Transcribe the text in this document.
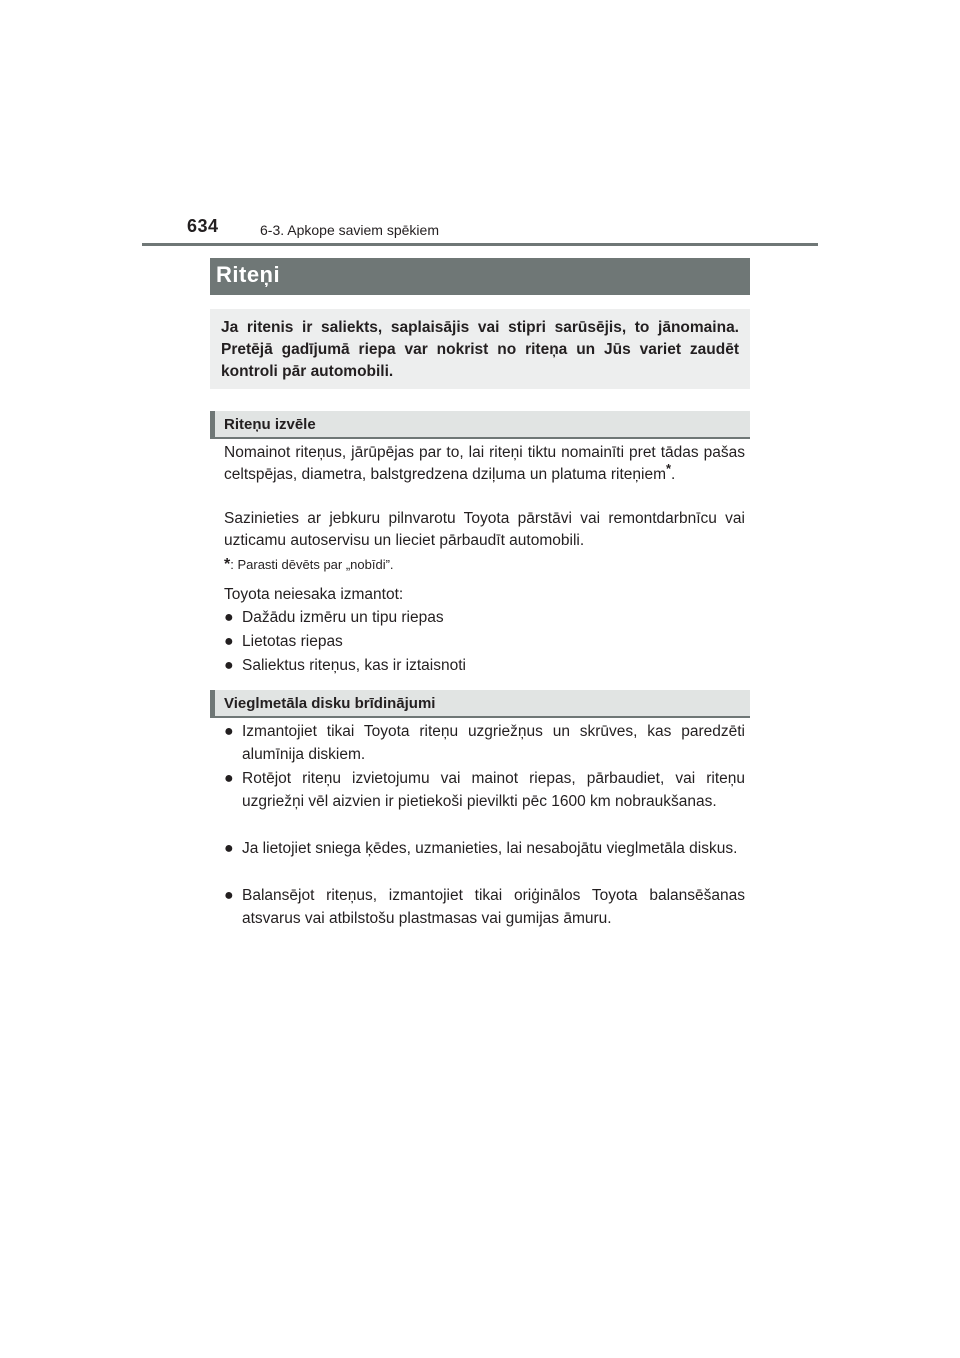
634	6-3. Apkope saviem spēkiem
Riteņi
Ja ritenis ir saliekts, saplaisājis vai stipri sarūsējis, to jānomaina. Pretējā gadījumā riepa var nokrist no riteņa un Jūs variet zaudēt kontroli pār automobili.
Riteņu izvēle

Nomainot riteņus, jārūpējas par to, lai riteņi tiktu nomainīti pret tādas pašas celtspējas, diametra, balstgredzena dziļuma un platuma riteņiem*.

Sazinieties ar jebkuru pilnvarotu Toyota pārstāvi vai remontdarbnīcu vai uzticamu autoservisu un lieciet pārbaudīt automobili.

*: Parasti dēvēts par „nobīdi”.

Toyota neiesaka izmantot:

● Dažādu izmēru un tipu riepas
● Lietotas riepas
● Saliektus riteņus, kas ir iztaisnoti
Vieglmetāla disku brīdinājumi
● Izmantojiet tikai Toyota riteņu uzgriežņus un skrūves, kas paredzēti alumīnija diskiem.
● Rotējot riteņu izvietojumu vai mainot riepas, pārbaudiet, vai riteņu uzgriežņi vēl aizvien ir pietiekoši pievilkti pēc 1600 km nobraukšanas.
● Ja lietojiet sniega ķēdes, uzmanieties, lai nesabojātu vieglmetāla diskus.
● Balansējot riteņus, izmantojiet tikai oriģinālos Toyota balansēšanas atsvarus vai atbilstošu plastmasas vai gumijas āmuru.
